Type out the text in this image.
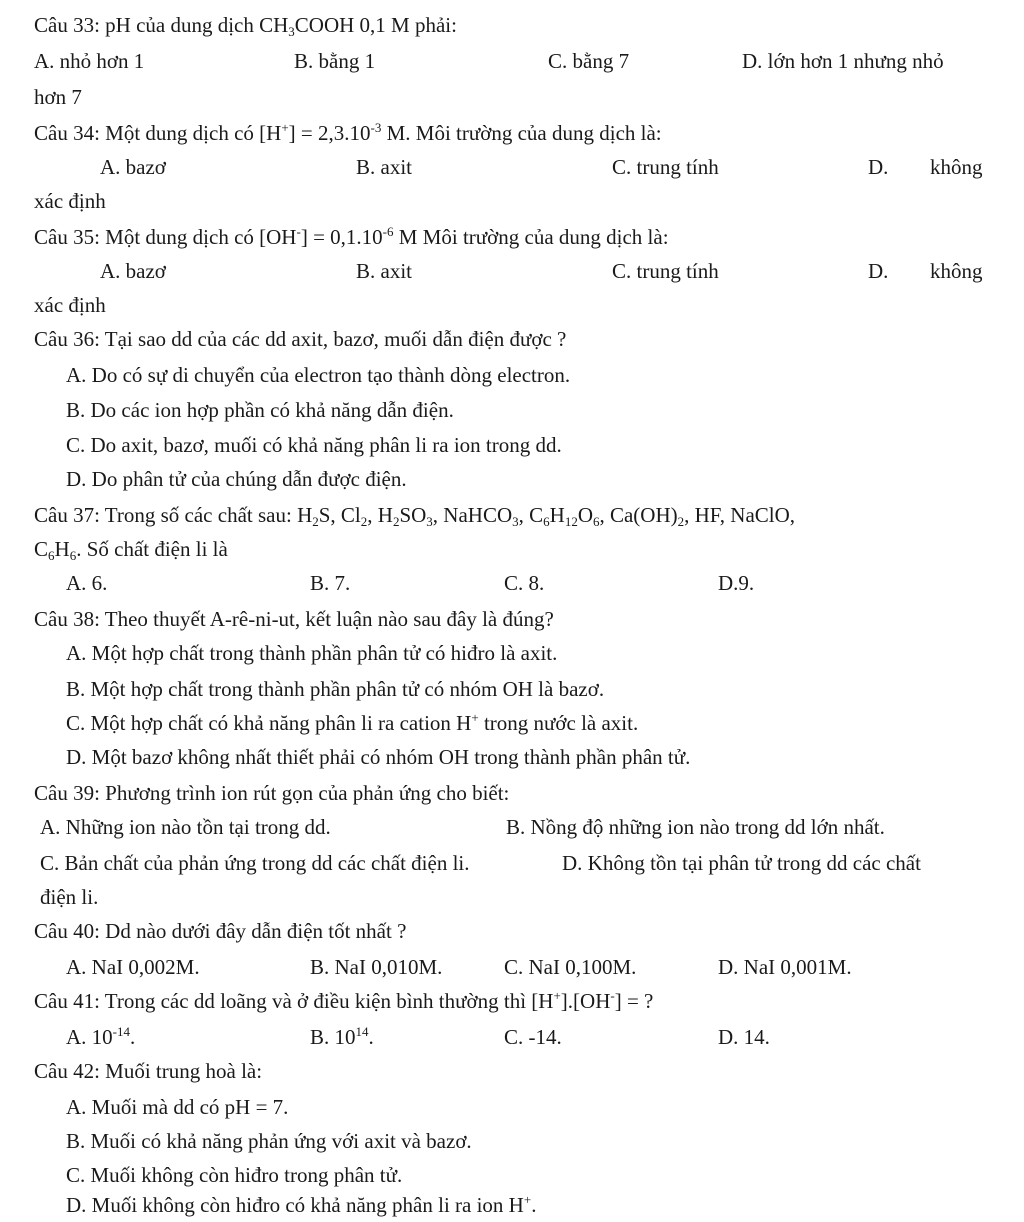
Câu 33: pH của dung dịch $CH_3COOH$ 0,1 M phải:
A. nhỏ hơn 1	B. bằng 1	C. bằng 7	D. lớn hơn 1 nhưng nhỏ
hơn 7
Câu 34: Một dung dịch có $[H^+] = 2,3.10^{-3}$ M. Môi trường của dung dịch là:
A. bazơ	B. axit	C. trung tính	D. không
xác định
Câu 35: Một dung dịch có $[OH^-] = 0,1.10^{-6}$ M Môi trường của dung dịch là:
A. bazơ	B. axit	C. trung tính	D. không
xác định
Câu 36: Tại sao dd của các dd axit, bazơ, muối dẫn điện được ?
A. Do có sự di chuyển của electron tạo thành dòng electron.
B. Do các ion hợp phần có khả năng dẫn điện.
C. Do axit, bazơ, muối có khả năng phân li ra ion trong dd.
D. Do phân tử của chúng dẫn được điện.
Câu 37: Trong số các chất sau: $H_2S$, $Cl_2$, $H_2SO_3$, NaHCO$_3$, $C_6H_{12}O_6$, $Ca(OH)_2$, HF, NaClO,
$C_6H_6$. Số chất điện li là
A. 6.	B. 7.	C. 8.	D.9.
Câu 38: Theo thuyết A-rê-ni-ut, kết luận nào sau đây là đúng?
A. Một hợp chất trong thành phần phân tử có hiđro là axit.
B. Một hợp chất trong thành phần phân tử có nhóm OH là bazơ.
C. Một hợp chất có khả năng phân li ra cation H+ trong nước là axit.
D. Một bazơ không nhất thiết phải có nhóm OH trong thành phần phân tử.
Câu 39: Phương trình ion rút gọn của phản ứng cho biết:
A. Những ion nào tồn tại trong dd.	B. Nồng độ những ion nào trong dd lớn nhất.
C. Bản chất của phản ứng trong dd các chất điện li.	D. Không tồn tại phân tử trong dd các chất
điện li.
Câu 40: Dd nào dưới đây dẫn điện tốt nhất ?
A. NaI 0,002M.	B. NaI 0,010M.	C. NaI 0,100M.	D. NaI 0,001M.
Câu 41: Trong các dd loãng và ở điều kiện bình thường thì [H+].[OH-] = ?
A. $10^{-14}$.	B. $10^{14}$.	C. -14.	D. 14.
Câu 42: Muối trung hoà là:
A. Muối mà dd có pH = 7.
B. Muối có khả năng phản ứng với axit và bazơ.
C. Muối không còn hiđro trong phân tử.
D. Muối không còn hiđro có khả năng phân li ra ion H+.
